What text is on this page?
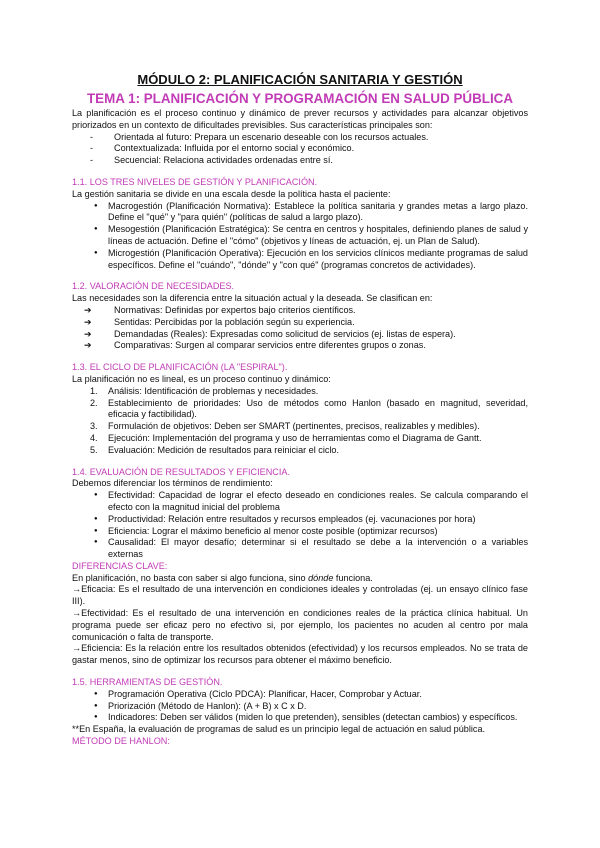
MÓDULO 2: PLANIFICACIÓN SANITARIA Y GESTIÓN
TEMA 1: PLANIFICACIÓN Y PROGRAMACIÓN EN SALUD PÚBLICA

La planificación es el proceso continuo y dinámico de prever recursos y actividades para alcanzar objetivos priorizados en un contexto de dificultades previsibles. Sus características principales son:

- Orientada al futuro: Prepara un escenario deseable con los recursos actuales.
- Contextualizada: Influida por el entorno social y económico.
- Secuencial: Relaciona actividades ordenadas entre sí.

1.1. LOS TRES NIVELES DE GESTIÓN Y PLANIFICACIÓN.

La gestión sanitaria se divide en una escala desde la política hasta el paciente:

● Macrogestión (Planificación Normativa): Establece la política sanitaria y grandes metas a largo plazo. Define el "qué" y "para quién" (políticas de salud a largo plazo).
● Mesogestión (Planificación Estratégica): Se centra en centros y hospitales, definiendo planes de salud y líneas de actuación. Define el "cómo" (objetivos y líneas de actuación, ej. un Plan de Salud).
● Microgestión (Planificación Operativa): Ejecución en los servicios clínicos mediante programas de salud específicos. Define el "cuándo", "dónde" y "con qué" (programas concretos de actividades).

1.2. VALORACIÓN DE NECESIDADES.

Las necesidades son la diferencia entre la situación actual y la deseada. Se clasifican en:

➔ Normativas: Definidas por expertos bajo criterios científicos.
➔ Sentidas: Percibidas por la población según su experiencia.
➔ Demandadas (Reales): Expresadas como solicitud de servicios (ej. listas de espera).
➔ Comparativas: Surgen al comparar servicios entre diferentes grupos o zonas.

1.3. EL CICLO DE PLANIFICACIÓN (LA "ESPIRAL").

La planificación no es lineal, es un proceso continuo y dinámico:

1. Análisis: Identificación de problemas y necesidades.
2. Establecimiento de prioridades: Uso de métodos como Hanlon (basado en magnitud, severidad, eficacia y factibilidad).
3. Formulación de objetivos: Deben ser SMART (pertinentes, precisos, realizables y medibles).
4. Ejecución: Implementación del programa y uso de herramientas como el Diagrama de Gantt.
5. Evaluación: Medición de resultados para reiniciar el ciclo.

1.4. EVALUACIÓN DE RESULTADOS Y EFICIENCIA.

Debemos diferenciar los términos de rendimiento:

● Efectividad: Capacidad de lograr el efecto deseado en condiciones reales. Se calcula comparando el efecto con la magnitud inicial del problema
● Productividad: Relación entre resultados y recursos empleados (ej. vacunaciones por hora)
● Eficiencia: Lograr el máximo beneficio al menor coste posible (optimizar recursos)
● Causalidad: El mayor desafío; determinar si el resultado se debe a la intervención o a variables externas

DIFERENCIAS CLAVE:

En planificación, no basta con saber si algo funciona, sino dónde funciona.

→Eficacia: Es el resultado de una intervención en condiciones ideales y controladas (ej. un ensayo clínico fase III).

→Efectividad: Es el resultado de una intervención en condiciones reales de la práctica clínica habitual. Un programa puede ser eficaz pero no efectivo si, por ejemplo, los pacientes no acuden al centro por mala comunicación o falta de transporte.

→Eficiencia: Es la relación entre los resultados obtenidos (efectividad) y los recursos empleados. No se trata de gastar menos, sino de optimizar los recursos para obtener el máximo beneficio.

1.5. HERRAMIENTAS DE GESTIÓN.

● Programación Operativa (Ciclo PDCA): Planificar, Hacer, Comprobar y Actuar.
● Priorización (Método de Hanlon): (A + B) x C x D.
● Indicadores: Deben ser válidos (miden lo que pretenden), sensibles (detectan cambios) y específicos.

**En España, la evaluación de programas de salud es un principio legal de actuación en salud pública.

MÉTODO DE HANLON:
